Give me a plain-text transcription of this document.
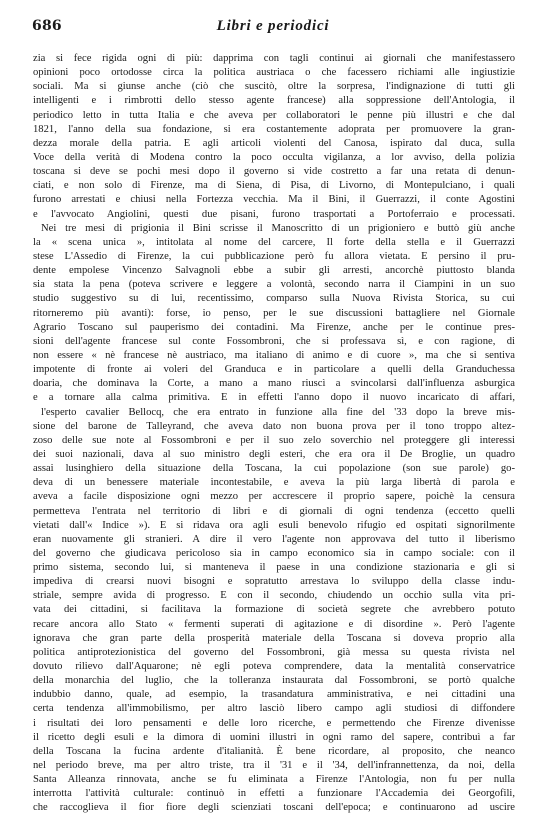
686	Libri e periodici
zia si fece rigida ogni di più: dapprima con tagli continui ai giornali che manifestassero
opinioni poco ortodosse circa la politica austriaca o che facessero richiami alle ingiustizie
sociali. Ma si giunse anche (ciò che suscitò, oltre la sorpresa, l'indignazione di tutti gli
intelligenti e i rimbrotti dello stesso agente francese) alla soppressione dell'Antologia, il
periodico letto in tutta Italia e che aveva per collaboratori le penne più illustri e che dal
1821, l'anno della sua fondazione, si era costantemente adoprata per promuovere la gran-
dezza morale della patria. E agli articoli violenti del Canosa, ispirato dal duca, sulla
Voce della verità di Modena contro la poco occulta vigilanza, a lor avviso, della polizia
toscana si deve se pochi mesi dopo il governo si vide costretto a far una retata di denun-
ciati, e non solo di Firenze, ma di Siena, di Pisa, di Livorno, di Montepulciano, i quali
furono arrestati e chiusi nella Fortezza vecchia. Ma il Bini, il Guerrazzi, il conte Agostini
e l'avvocato Angiolini, questi due pisani, furono trasportati a Portoferraio e processati.
Nei tre mesi di prigionia il Bini scrisse il Manoscritto di un prigioniero e buttò giù anche
la « scena unica », intitolata al nome del carcere, Il forte della stella e il Guerrazzi
stese L'Assedio di Firenze, la cui pubblicazione però fu allora vietata. E persino il pru-
dente empolese Vincenzo Salvagnoli ebbe a subir gli arresti, ancorchè piuttosto blanda
sia stata la pena (poteva scrivere e leggere a volontà, secondo narra il Ciampini in un suo
studio suggestivo su di lui, recentissimo, comparso sulla Nuova Rivista Storica, su cui
ritorneremo più avanti): forse, io penso, per le sue discussioni battagliere nel Giornale
Agrario Toscano sul pauperismo dei contadini. Ma Firenze, anche per le continue pres-
sioni dell'agente francese sul conte Fossombroni, che si professava sì, e con ragione, di
non essere « nè francese nè austriaco, ma italiano di animo e di cuore », ma che si sentiva
impotente di fronte ai voleri del Granduca e in particolare a quelli della Granduchessa
doaria, che dominava la Corte, a mano a mano riuscì a svincolarsi dall'influenza asburgica
e a tornare alla calma primitiva. E in effetti l'anno dopo il nuovo incaricato di affari,
l'esperto cavalier Bellocq, che era entrato in funzione alla fine del '33 dopo la breve mis-
sione del barone de Talleyrand, che aveva dato non buona prova per il tono troppo altez-
zoso delle sue note al Fossombroni e per il suo zelo soverchio nel proteggere gli interessi
dei suoi nazionali, dava al suo ministro degli esteri, che era ora il De Broglie, un quadro
assai lusinghiero della situazione della Toscana, la cui popolazione (son sue parole) go-
deva di un benessere materiale incontestabile, e aveva la più larga libertà di parola e
aveva a facile disposizione ogni mezzo per accrescere il proprio sapere, poichè la censura
permetteva l'entrata nel territorio di libri e di giornali di ogni tendenza (eccetto quelli
vietati dall'« Indice »). E si ridava ora agli esuli benevolo rifugio ed ospitati signorilmente
eran nuovamente gli stranieri. A dire il vero l'agente non approvava del tutto il liberismo
del governo che giudicava pericoloso sia in campo economico sia in campo sociale: con il
primo sistema, secondo lui, si manteneva il paese in una condizione stazionaria e gli si
impediva di crearsi nuovi bisogni e sopratutto arrestava lo sviluppo della classe indu-
striale, sempre avida di progresso. E con il secondo, chiudendo un occhio sulla vita pri-
vata dei cittadini, si facilitava la formazione di società segrete che avrebbero potuto
recare ancora allo Stato « fermenti superati di agitazione e di disordine ». Però l'agente
ignorava che gran parte della prosperità materiale della Toscana si doveva proprio alla
politica antiprotezionistica del governo del Fossombroni, già messa su questa rivista nel
dovuto rilievo dall'Aquarone; nè egli poteva comprendere, data la mentalità conservatrice
della monarchia del luglio, che la tolleranza instaurata dal Fossombroni, se portò qualche
indubbio danno, quale, ad esempio, la trasandatura amministrativa, e nei cittadini una
certa tendenza all'immobilismo, per altro lasciò libero campo agli studiosi di diffondere
i risultati dei loro pensamenti e delle loro ricerche, e permettendo che Firenze divenisse
il ricetto degli esuli e la dimora di uomini illustri in ogni ramo del sapere, contribuì a far
della Toscana la fucina ardente d'italianità. È bene ricordare, al proposito, che neanco
nel periodo breve, ma per altro triste, tra il '31 e il '34, dell'infrannettenza, da noi, della
Santa Alleanza rinnovata, anche se fu eliminata a Firenze l'Antologia, non fu per nulla
interrotta l'attività culturale: continuò in effetti a funzionare l'Accademia dei Georgofili,
che raccoglieva il fior fiore degli scienziati toscani dell'epoca; e continuarono ad uscire
